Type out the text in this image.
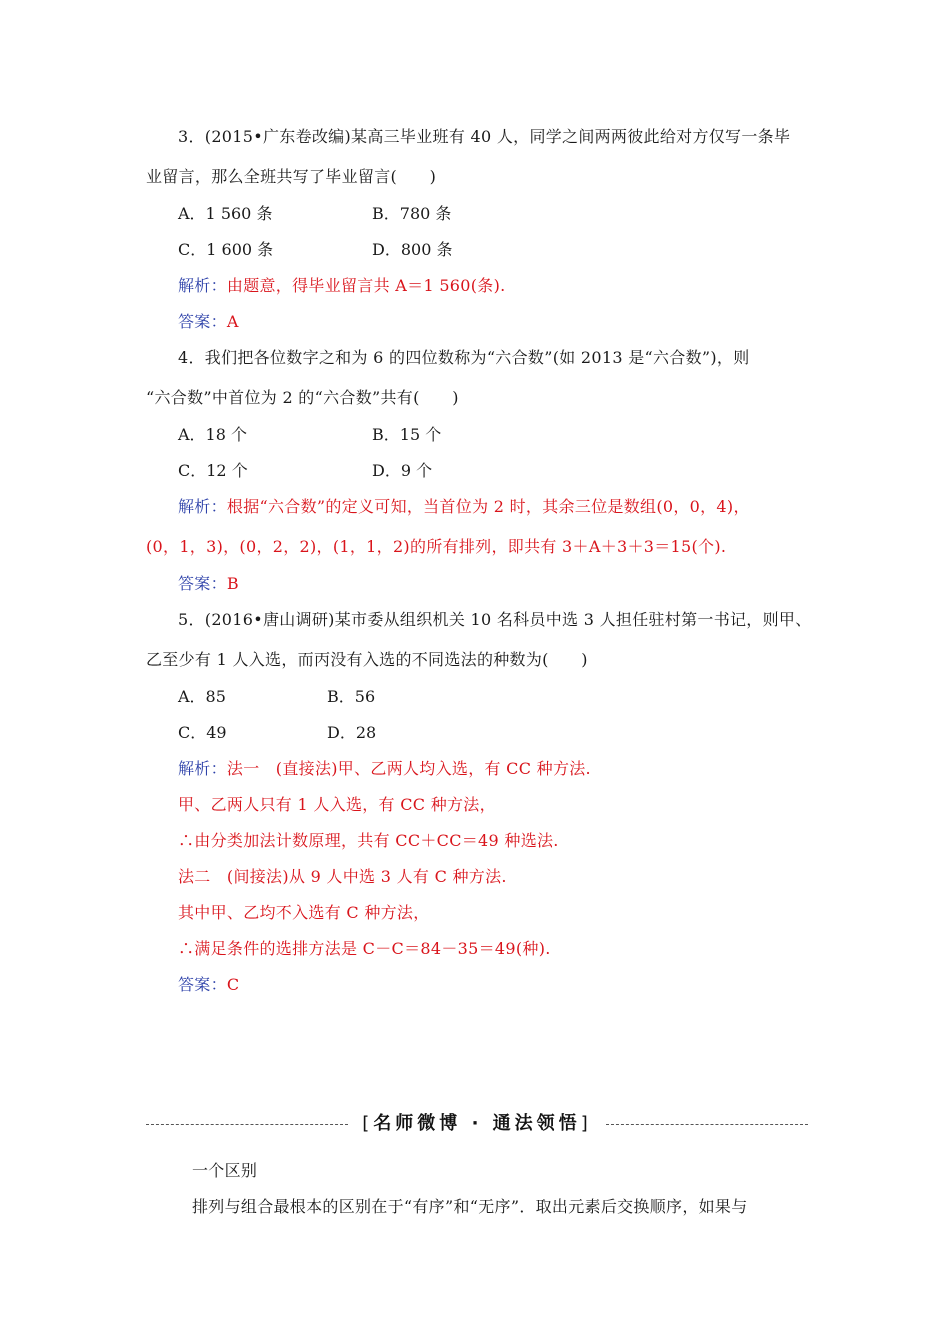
3．(2015•广东卷改编)某高三毕业班有 40 人，同学之间两两彼此给对方仅写一条毕
业留言，那么全班共写了毕业留言(　　)
A．1 560 条	B．780 条
C．1 600 条	D．800 条
解析：由题意，得毕业留言共 A＝1 560(条).
答案：A
4．我们把各位数字之和为 6 的四位数称为“六合数”(如 2013 是“六合数”)，则
“六合数”中首位为 2 的“六合数”共有(　　)
A．18 个	B．15 个
C．12 个	D．9 个
解析：根据“六合数”的定义可知，当首位为 2 时，其余三位是数组(0，0，4)，
(0，1，3)，(0，2，2)，(1，1，2)的所有排列，即共有 3＋A＋3＋3＝15(个).
答案：B
5．(2016•唐山调研)某市委从组织机关 10 名科员中选 3 人担任驻村第一书记，则甲、
乙至少有 1 人入选，而丙没有入选的不同选法的种数为(　　)
A．85	B．56
C．49	D．28
解析：法一　(直接法)甲、乙两人均入选，有 CC 种方法.
甲、乙两人只有 1 人入选，有 CC 种方法，
∴由分类加法计数原理，共有 CC＋CC＝49 种选法.
法二　(间接法)从 9 人中选 3 人有 C 种方法.
其中甲、乙均不入选有 C 种方法，
∴满足条件的选排方法是 C－C＝84－35＝49(种).
答案：C
[名师微博 · 通法领悟]
一个区别
排列与组合最根本的区别在于“有序”和“无序”．取出元素后交换顺序，如果与
